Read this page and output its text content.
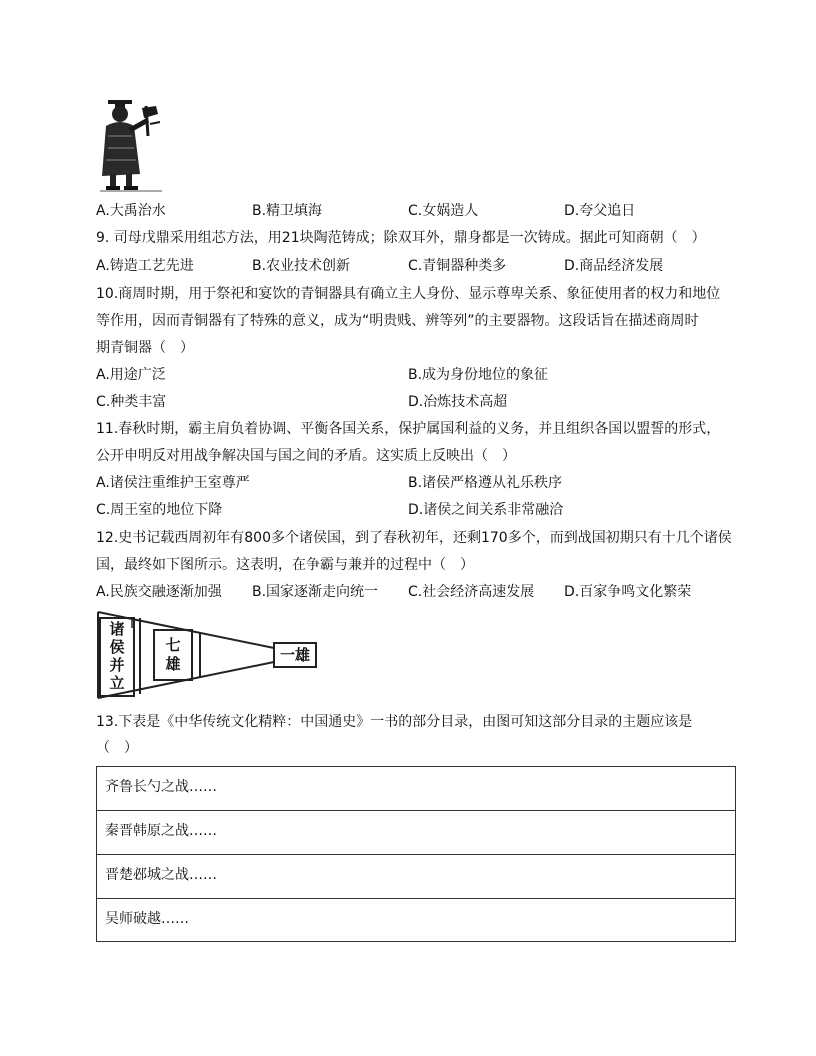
A.大禹治水	B.精卫填海	C.女娲造人	D.夸父追日
9. 司母戊鼎采用组芯方法，用21块陶范铸成；除双耳外，鼎身都是一次铸成。据此可知商朝（　）
A.铸造工艺先进	B.农业技术创新	C.青铜器种类多	D.商品经济发展
10.商周时期，用于祭祀和宴饮的青铜器具有确立主人身份、显示尊卑关系、象征使用者的权力和地位
等作用，因而青铜器有了特殊的意义，成为“明贵贱、辨等列”的主要器物。这段话旨在描述商周时
期青铜器（　）
A.用途广泛	B.成为身份地位的象征
C.种类丰富	D.冶炼技术高超
11.春秋时期，霸主肩负着协调、平衡各国关系，保护属国利益的义务，并且组织各国以盟誓的形式，
公开申明反对用战争解决国与国之间的矛盾。这实质上反映出（　）
A.诸侯注重维护王室尊严	B.诸侯严格遵从礼乐秩序
C.周王室的地位下降	D.诸侯之间关系非常融洽
12.史书记载西周初年有800多个诸侯国，到了春秋初年，还剩170多个，而到战国初期只有十几个诸侯
国，最终如下图所示。这表明，在争霸与兼并的过程中（　）
A.民族交融逐渐加强 B.国家逐渐走向统一 C.社会经济高速发展 D.百家争鸣文化繁荣
诸
侯
并
立
七
雄	一雄
13.下表是《中华传统文化精粹：中国通史》一书的部分目录，由图可知这部分目录的主题应该是
（　）
齐鲁长勺之战……
秦晋韩原之战……
晋楚邲城之战……
吴师破越……
